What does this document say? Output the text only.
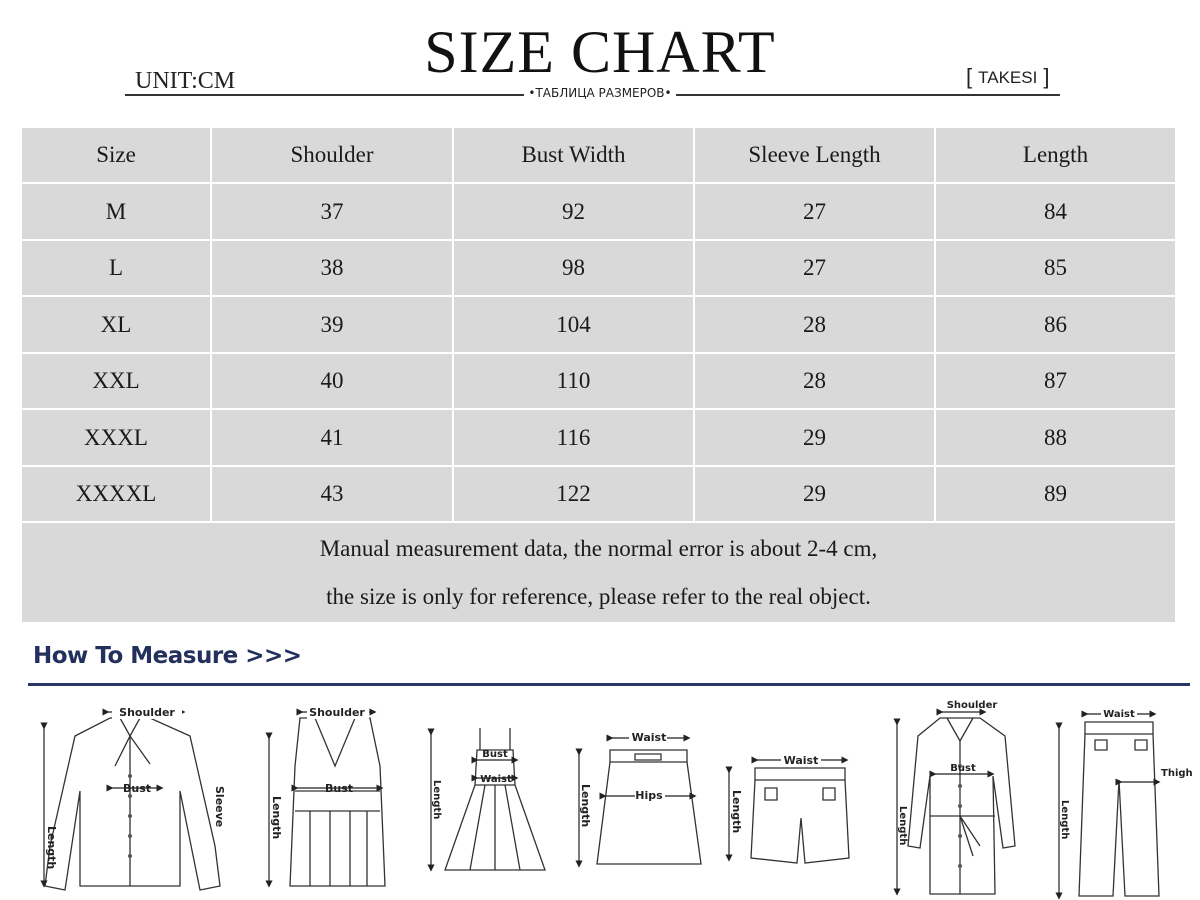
SIZE CHART
UNIT:CM	[ TAKESI ]
•ТАБЛИЦА РАЗМЕРОВ•
Size	Shoulder	Bust Width	Sleeve Length	Length
M	37	92	27	84
L	38	98	27	85
XL	39	104	28	86
XXL	40	110	28	87
XXXL	41	116	29	88
XXXXL	43	122	29	89

Manual measurement data, the normal error is about 2-4 cm,
the size is only for reference, please refer to the real object.				
How To Measure >>>
Shoulder
Bust	Sleeve
Length
Shoulder
Bust
Length
Bust
Waist
Length
Waist
Hips
Length
Waist
Length
Shoulder
Bust
Length
Waist
Thigh
Length
